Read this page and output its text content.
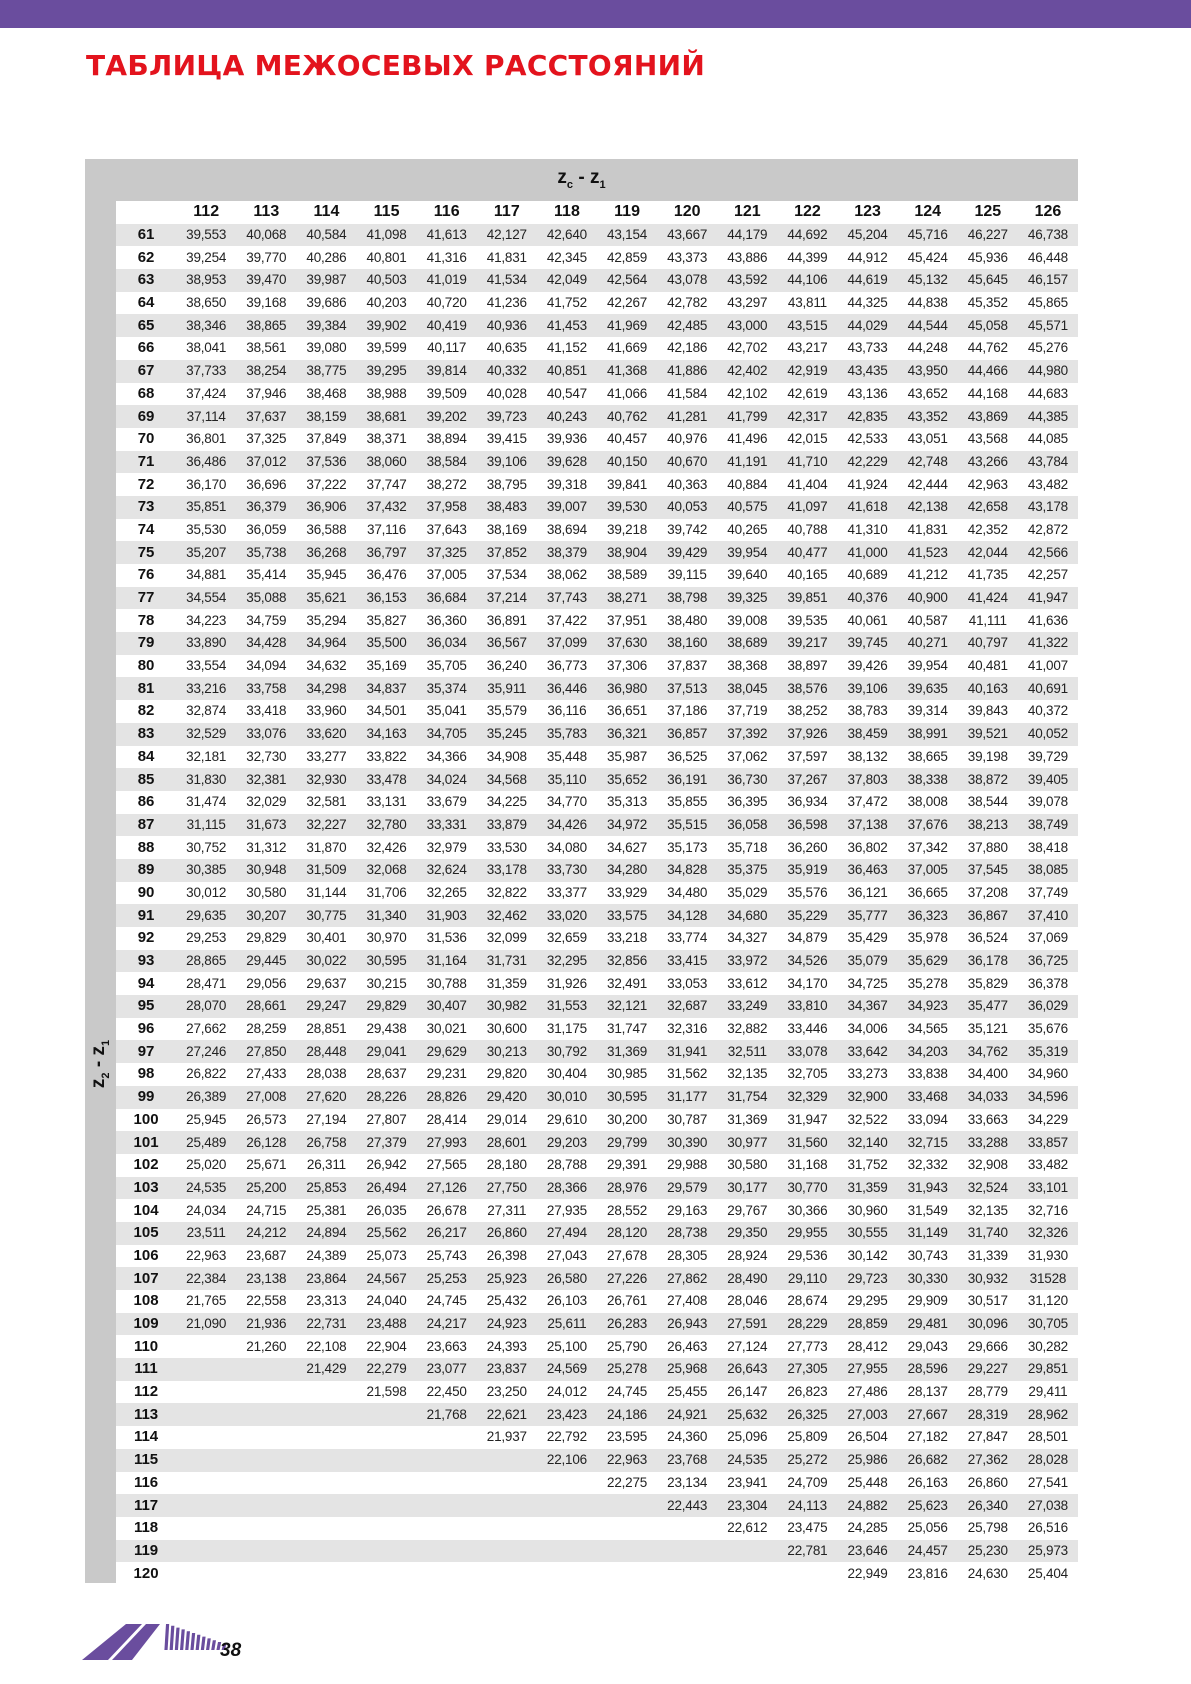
ТАБЛИЦА МЕЖОСЕВЫХ РАССТОЯНИЙ
$z_c - z_1$
$z_2 - z_1$
	112	113	114	115	116	117	118	119	120	121	122	123	124	125	126
61	39,553	40,068	40,584	41,098	41,613	42,127	42,640	43,154	43,667	44,179	44,692	45,204	45,716	46,227	46,738
62	39,254	39,770	40,286	40,801	41,316	41,831	42,345	42,859	43,373	43,886	44,399	44,912	45,424	45,936	46,448
63	38,953	39,470	39,987	40,503	41,019	41,534	42,049	42,564	43,078	43,592	44,106	44,619	45,132	45,645	46,157
64	38,650	39,168	39,686	40,203	40,720	41,236	41,752	42,267	42,782	43,297	43,811	44,325	44,838	45,352	45,865
65	38,346	38,865	39,384	39,902	40,419	40,936	41,453	41,969	42,485	43,000	43,515	44,029	44,544	45,058	45,571
66	38,041	38,561	39,080	39,599	40,117	40,635	41,152	41,669	42,186	42,702	43,217	43,733	44,248	44,762	45,276
67	37,733	38,254	38,775	39,295	39,814	40,332	40,851	41,368	41,886	42,402	42,919	43,435	43,950	44,466	44,980
68	37,424	37,946	38,468	38,988	39,509	40,028	40,547	41,066	41,584	42,102	42,619	43,136	43,652	44,168	44,683
69	37,114	37,637	38,159	38,681	39,202	39,723	40,243	40,762	41,281	41,799	42,317	42,835	43,352	43,869	44,385
70	36,801	37,325	37,849	38,371	38,894	39,415	39,936	40,457	40,976	41,496	42,015	42,533	43,051	43,568	44,085
71	36,486	37,012	37,536	38,060	38,584	39,106	39,628	40,150	40,670	41,191	41,710	42,229	42,748	43,266	43,784
72	36,170	36,696	37,222	37,747	38,272	38,795	39,318	39,841	40,363	40,884	41,404	41,924	42,444	42,963	43,482
73	35,851	36,379	36,906	37,432	37,958	38,483	39,007	39,530	40,053	40,575	41,097	41,618	42,138	42,658	43,178
74	35,530	36,059	36,588	37,116	37,643	38,169	38,694	39,218	39,742	40,265	40,788	41,310	41,831	42,352	42,872
75	35,207	35,738	36,268	36,797	37,325	37,852	38,379	38,904	39,429	39,954	40,477	41,000	41,523	42,044	42,566
76	34,881	35,414	35,945	36,476	37,005	37,534	38,062	38,589	39,115	39,640	40,165	40,689	41,212	41,735	42,257
77	34,554	35,088	35,621	36,153	36,684	37,214	37,743	38,271	38,798	39,325	39,851	40,376	40,900	41,424	41,947
78	34,223	34,759	35,294	35,827	36,360	36,891	37,422	37,951	38,480	39,008	39,535	40,061	40,587	41,111	41,636
79	33,890	34,428	34,964	35,500	36,034	36,567	37,099	37,630	38,160	38,689	39,217	39,745	40,271	40,797	41,322
80	33,554	34,094	34,632	35,169	35,705	36,240	36,773	37,306	37,837	38,368	38,897	39,426	39,954	40,481	41,007
81	33,216	33,758	34,298	34,837	35,374	35,911	36,446	36,980	37,513	38,045	38,576	39,106	39,635	40,163	40,691
82	32,874	33,418	33,960	34,501	35,041	35,579	36,116	36,651	37,186	37,719	38,252	38,783	39,314	39,843	40,372
83	32,529	33,076	33,620	34,163	34,705	35,245	35,783	36,321	36,857	37,392	37,926	38,459	38,991	39,521	40,052
84	32,181	32,730	33,277	33,822	34,366	34,908	35,448	35,987	36,525	37,062	37,597	38,132	38,665	39,198	39,729
85	31,830	32,381	32,930	33,478	34,024	34,568	35,110	35,652	36,191	36,730	37,267	37,803	38,338	38,872	39,405
86	31,474	32,029	32,581	33,131	33,679	34,225	34,770	35,313	35,855	36,395	36,934	37,472	38,008	38,544	39,078
87	31,115	31,673	32,227	32,780	33,331	33,879	34,426	34,972	35,515	36,058	36,598	37,138	37,676	38,213	38,749
88	30,752	31,312	31,870	32,426	32,979	33,530	34,080	34,627	35,173	35,718	36,260	36,802	37,342	37,880	38,418
89	30,385	30,948	31,509	32,068	32,624	33,178	33,730	34,280	34,828	35,375	35,919	36,463	37,005	37,545	38,085
90	30,012	30,580	31,144	31,706	32,265	32,822	33,377	33,929	34,480	35,029	35,576	36,121	36,665	37,208	37,749
91	29,635	30,207	30,775	31,340	31,903	32,462	33,020	33,575	34,128	34,680	35,229	35,777	36,323	36,867	37,410
92	29,253	29,829	30,401	30,970	31,536	32,099	32,659	33,218	33,774	34,327	34,879	35,429	35,978	36,524	37,069
93	28,865	29,445	30,022	30,595	31,164	31,731	32,295	32,856	33,415	33,972	34,526	35,079	35,629	36,178	36,725
94	28,471	29,056	29,637	30,215	30,788	31,359	31,926	32,491	33,053	33,612	34,170	34,725	35,278	35,829	36,378
95	28,070	28,661	29,247	29,829	30,407	30,982	31,553	32,121	32,687	33,249	33,810	34,367	34,923	35,477	36,029
96	27,662	28,259	28,851	29,438	30,021	30,600	31,175	31,747	32,316	32,882	33,446	34,006	34,565	35,121	35,676
97	27,246	27,850	28,448	29,041	29,629	30,213	30,792	31,369	31,941	32,511	33,078	33,642	34,203	34,762	35,319
98	26,822	27,433	28,038	28,637	29,231	29,820	30,404	30,985	31,562	32,135	32,705	33,273	33,838	34,400	34,960
99	26,389	27,008	27,620	28,226	28,826	29,420	30,010	30,595	31,177	31,754	32,329	32,900	33,468	34,033	34,596
100	25,945	26,573	27,194	27,807	28,414	29,014	29,610	30,200	30,787	31,369	31,947	32,522	33,094	33,663	34,229
101	25,489	26,128	26,758	27,379	27,993	28,601	29,203	29,799	30,390	30,977	31,560	32,140	32,715	33,288	33,857
102	25,020	25,671	26,311	26,942	27,565	28,180	28,788	29,391	29,988	30,580	31,168	31,752	32,332	32,908	33,482
103	24,535	25,200	25,853	26,494	27,126	27,750	28,366	28,976	29,579	30,177	30,770	31,359	31,943	32,524	33,101
104	24,034	24,715	25,381	26,035	26,678	27,311	27,935	28,552	29,163	29,767	30,366	30,960	31,549	32,135	32,716
105	23,511	24,212	24,894	25,562	26,217	26,860	27,494	28,120	28,738	29,350	29,955	30,555	31,149	31,740	32,326
106	22,963	23,687	24,389	25,073	25,743	26,398	27,043	27,678	28,305	28,924	29,536	30,142	30,743	31,339	31,930
107	22,384	23,138	23,864	24,567	25,253	25,923	26,580	27,226	27,862	28,490	29,110	29,723	30,330	30,932	31528
108	21,765	22,558	23,313	24,040	24,745	25,432	26,103	26,761	27,408	28,046	28,674	29,295	29,909	30,517	31,120
109	21,090	21,936	22,731	23,488	24,217	24,923	25,611	26,283	26,943	27,591	28,229	28,859	29,481	30,096	30,705
110		21,260	22,108	22,904	23,663	24,393	25,100	25,790	26,463	27,124	27,773	28,412	29,043	29,666	30,282
111			21,429	22,279	23,077	23,837	24,569	25,278	25,968	26,643	27,305	27,955	28,596	29,227	29,851
112				21,598	22,450	23,250	24,012	24,745	25,455	26,147	26,823	27,486	28,137	28,779	29,411
113					21,768	22,621	23,423	24,186	24,921	25,632	26,325	27,003	27,667	28,319	28,962
114						21,937	22,792	23,595	24,360	25,096	25,809	26,504	27,182	27,847	28,501
115							22,106	22,963	23,768	24,535	25,272	25,986	26,682	27,362	28,028
116								22,275	23,134	23,941	24,709	25,448	26,163	26,860	27,541
117									22,443	23,304	24,113	24,882	25,623	26,340	27,038
118										22,612	23,475	24,285	25,056	25,798	26,516
119											22,781	23,646	24,457	25,230	25,973
120												22,949	23,816	24,630	25,404
38
